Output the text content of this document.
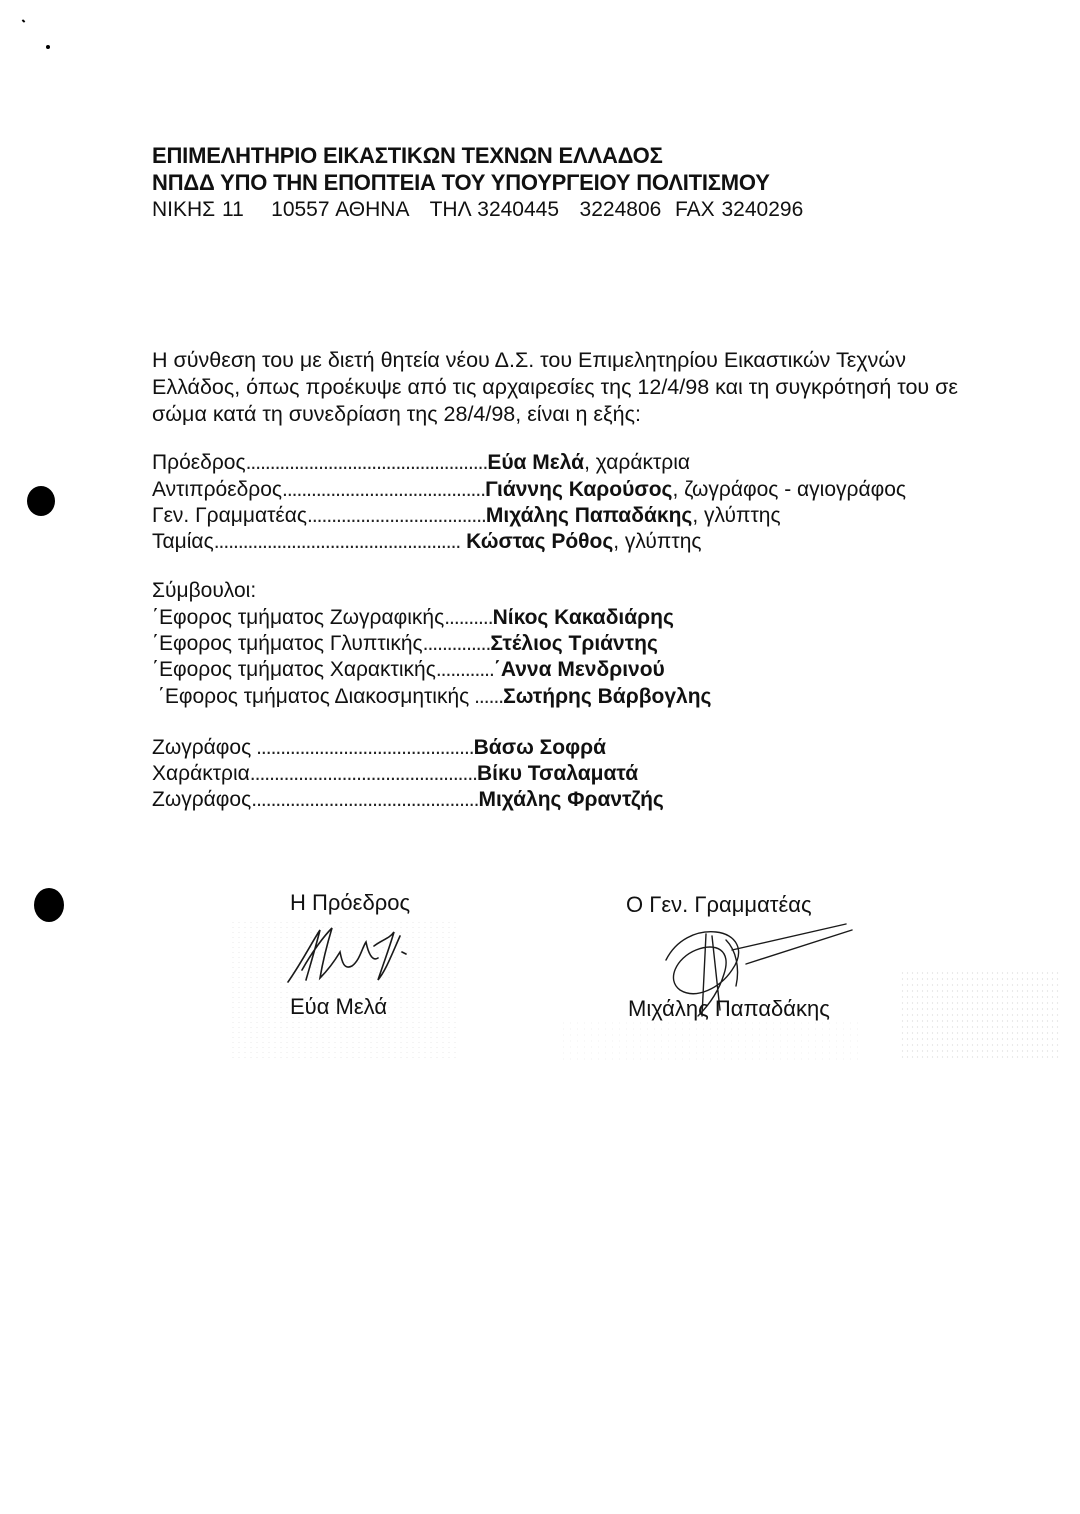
ΕΠΙΜΕΛΗΤΗΡΙΟ ΕΙΚΑΣΤΙΚΩΝ ΤΕΧΝΩΝ ΕΛΛΑΔΟΣ
ΝΠΔΔ ΥΠΟ ΤΗΝ ΕΠΟΠΤΕΙΑ ΤΟΥ ΥΠΟΥΡΓΕΙΟΥ ΠΟΛΙΤΙΣΜΟΥ
ΝΙΚΗΣ 11 10557 ΑΘΗΝΑ ΤΗΛ 3240445 3224806 FAX 3240296
Η σύνθεση του με διετή θητεία νέου Δ.Σ. του Επιμελητηρίου Εικαστικών Τεχνών
Ελλάδος, όπως προέκυψε από τις αρχαιρεσίες της 12/4/98 και τη συγκρότησή του σε
σώμα κατά τη συνεδρίαση της 28/4/98, είναι η εξής:
Πρόεδρος .................................................. Εύα Μελά , χαράκτρια
Αντιπρόεδρος .......................................... Γιάννης Καρούσος , ζωγράφος - αγιογράφος
Γεν. Γραμματέας ..................................... Μιχάλης Παπαδάκης , γλύπτης
Ταμίας ................................................... Κώστας Ρόθος , γλύπτης
Σύμβουλοι:
΄Εφορος τμήματος Ζωγραφικής .......... Νίκος Κακαδιάρης
΄Εφορος τμήματος Γλυπτικής .............. Στέλιος Τριάντης
΄Εφορος τμήματος Χαρακτικής ............ ΄Αννα Μενδρινού
΄Εφορος τμήματος Διακοσμητικής ...... Σωτήρης Βάρβογλης
Ζωγράφος ............................................. Βάσω Σοφρά
Χαράκτρια ............................................... Βίκυ Τσαλαματά
Ζωγράφος ............................................... Μιχάλης Φραντζής
Η Πρόεδρος
Εύα Μελά
Ο Γεν. Γραμματέας
Μιχάλης Παπαδάκης
